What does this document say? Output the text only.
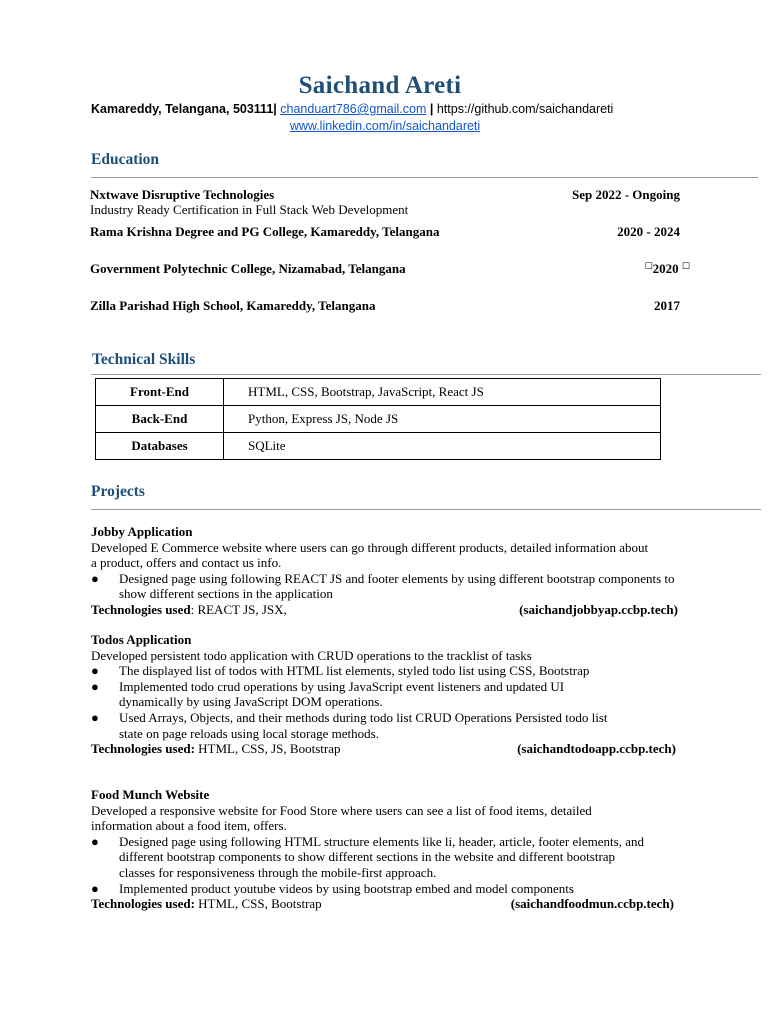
Saichand Areti
Kamareddy, Telangana, 503111| chanduart786@gmail.com | https://github.com/saichandareti
www.linkedin.com/in/saichandareti
Education
Nxtwave Disruptive Technologies	Sep 2022 - Ongoing
Industry Ready Certification in Full Stack Web Development
Rama Krishna Degree and PG College, Kamareddy, Telangana	2020 - 2024
Government Polytechnic College, Nizamabad, Telangana	☐2020 ☐
Zilla Parishad High School, Kamareddy, Telangana	2017
Technical Skills
Front-End	HTML, CSS, Bootstrap, JavaScript, React JS
Back-End	Python, Express JS, Node JS
Databases	SQLite
Projects
Jobby Application
Developed E Commerce website where users can go through different products, detailed information about a product, offers and contact us info.
● Designed page using following REACT JS and footer elements by using different bootstrap components to show different sections in the application
Technologies used: REACT JS, JSX,	(saichandjobbyap.ccbp.tech)
Todos Application
Developed persistent todo application with CRUD operations to the tracklist of tasks
● The displayed list of todos with HTML list elements, styled todo list using CSS, Bootstrap
● Implemented todo crud operations by using JavaScript event listeners and updated UI dynamically by using JavaScript DOM operations.
● Used Arrays, Objects, and their methods during todo list CRUD Operations Persisted todo list state on page reloads using local storage methods.
Technologies used: HTML, CSS, JS, Bootstrap	(saichandtodoapp.ccbp.tech)
Food Munch Website
Developed a responsive website for Food Store where users can see a list of food items, detailed information about a food item, offers.
● Designed page using following HTML structure elements like li, header, article, footer elements, and different bootstrap components to show different sections in the website and different bootstrap classes for responsiveness through the mobile-first approach.
● Implemented product youtube videos by using bootstrap embed and model components
Technologies used: HTML, CSS, Bootstrap	(saichandfoodmun.ccbp.tech)
